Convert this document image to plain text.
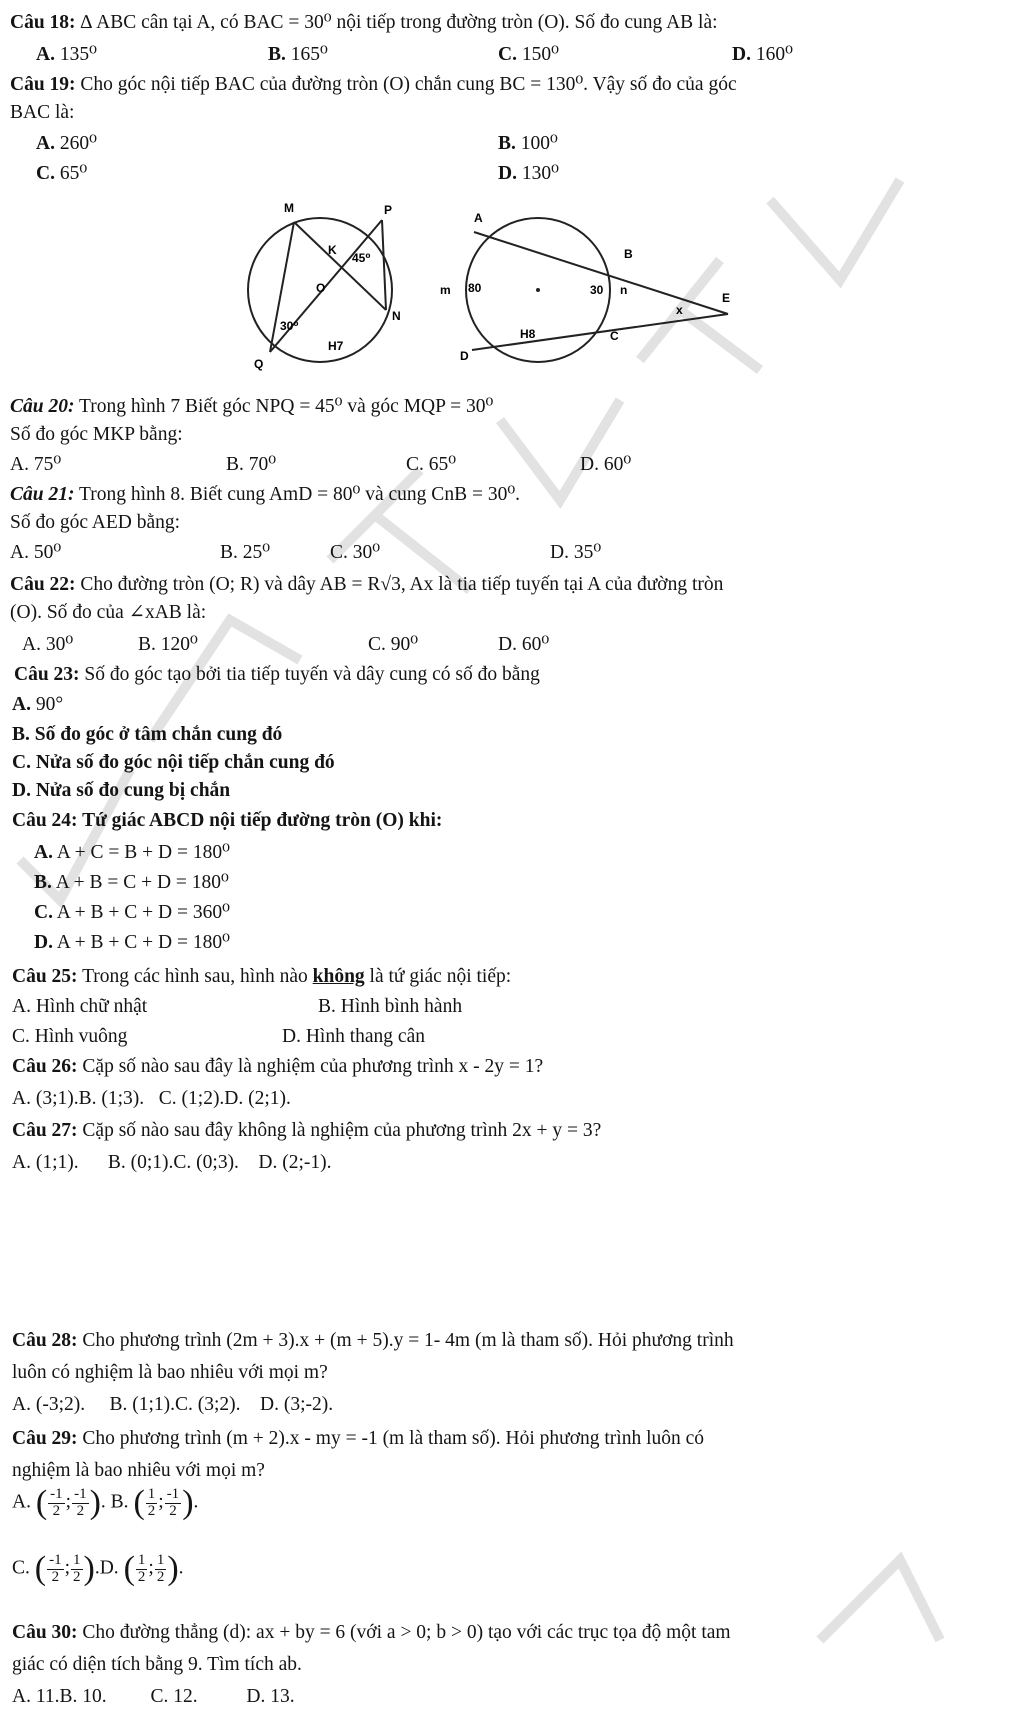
Câu 18: ∆ ABC cân tại A, có BAC = 30⁰ nội tiếp trong đường tròn (O). Số đo cung AB là:
A. 135⁰	B. 165⁰	C. 150⁰	D. 160⁰
Câu 19: Cho góc nội tiếp BAC của đường tròn (O) chắn cung BC = 130⁰. Vậy số đo của góc
BAC là:
A. 260⁰	B. 100⁰
C. 65⁰	D. 130⁰
M	P
K
45⁰
O
N
30⁰
H7
Q
A
B
m 80	30 n
E
x
H8	C
D
Câu 20: Trong hình 7 Biết góc NPQ = 45⁰ và góc MQP = 30⁰
Số đo góc MKP bằng:
A. 75⁰	B. 70⁰	C. 65⁰	D. 60⁰
Câu 21: Trong hình 8. Biết cung AmD = 80⁰ và cung CnB = 30⁰.
Số đo góc AED bằng:
A. 50⁰	B. 25⁰	C. 30⁰	D. 35⁰
Câu 22: Cho đường tròn (O; R) và dây AB = R√3, Ax là tia tiếp tuyến tại A của đường tròn
(O). Số đo của ∠xAB là:
A. 30⁰	B. 120⁰	C. 90⁰	D. 60⁰
Câu 23: Số đo góc tạo bởi tia tiếp tuyến và dây cung có số đo bằng
A. 90°
B. Số đo góc ở tâm chắn cung đó
C. Nửa số đo góc nội tiếp chắn cung đó
D. Nửa số đo cung bị chắn
Câu 24: Tứ giác ABCD nội tiếp đường tròn (O) khi:
A. A + C = B + D = 180⁰
B. A + B = C + D = 180⁰
C. A + B + C + D = 360⁰
D. A + B + C + D = 180⁰
Câu 25: Trong các hình sau, hình nào không là tứ giác nội tiếp:
A. Hình chữ nhật	B. Hình bình hành
C. Hình vuông	D. Hình thang cân
Câu 26: Cặp số nào sau đây là nghiệm của phương trình x - 2y = 1?
A. (3;1).B. (1;3).   C. (1;2).D. (2;1).
Câu 27: Cặp số nào sau đây không là nghiệm của phương trình 2x + y = 3?
A. (1;1).      B. (0;1).C. (0;3).    D. (2;-1).
Câu 28: Cho phương trình (2m + 3).x + (m + 5).y = 1- 4m (m là tham số). Hỏi phương trình
luôn có nghiệm là bao nhiêu với mọi m?
A. (-3;2).     B. (1;1).C. (3;2).    D. (3;-2).
Câu 29: Cho phương trình (m + 2).x - my = -1 (m là tham số). Hỏi phương trình luôn có
nghiệm là bao nhiêu với mọi m?
A. ( $\frac{-1}{2}$ ; $\frac{-1}{2}$ ). B. ( $\frac{1}{2}$ ; $\frac{-1}{2}$ ).
C. ( $\frac{-1}{2}$ ; $\frac{1}{2} ).D$. ( $\frac{1}{2}$ ; $\frac{1}{2}$ ).
Câu 30: Cho đường thẳng (d): ax + by = 6 (với a > 0; b > 0) tạo với các trục tọa độ một tam
giác có diện tích bằng 9. Tìm tích ab.
A. 11.B. 10.         C. 12.          D. 13.
